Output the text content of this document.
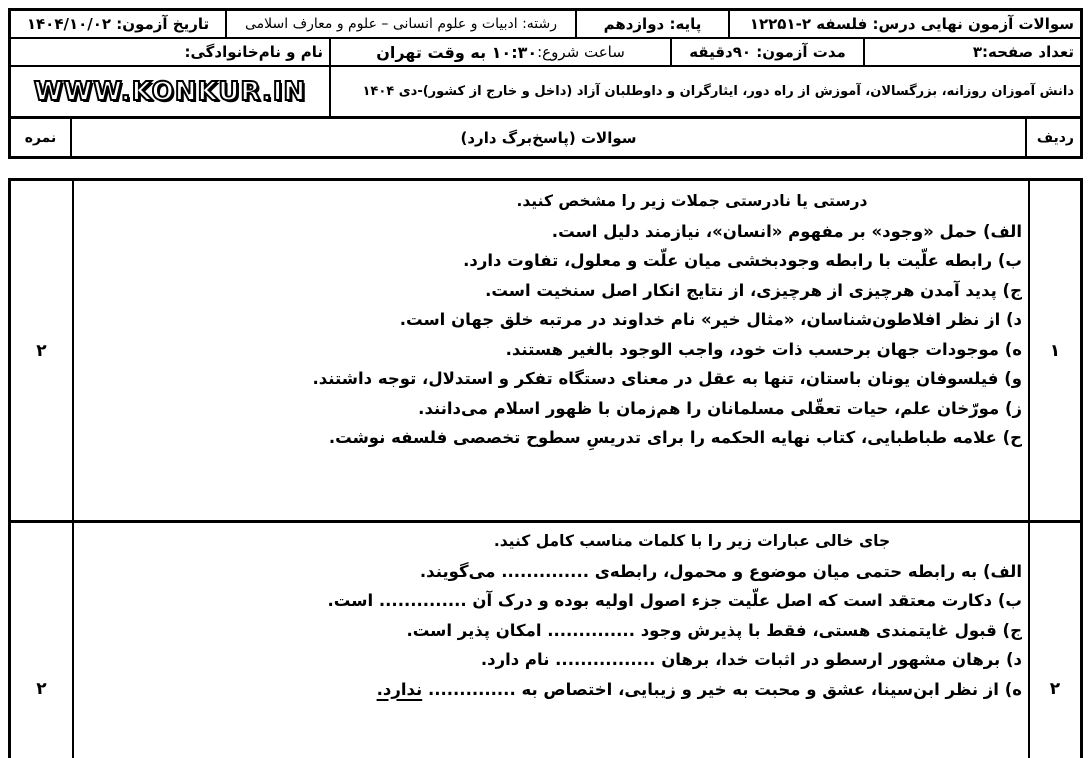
سوالات آزمون نهایی درس: فلسفه ۲-۱۲۲۵۱
پایه: دوازدهم
رشته: ادبیات و علوم انسانی – علوم و معارف اسلامی
تاریخ آزمون: ۱۴۰۴/۱۰/۰۲
تعداد صفحه:۳
مدت آزمون: ۹۰دقیقه
ساعت شروع:
۱۰:۳۰ به وقت تهران
نام و نام‌خانوادگی:
دانش آموزان روزانه، بزرگسالان، آموزش از راه دور، ایثارگران و داوطلبان آزاد (داخل و خارج از کشور)-
دی ۱۴۰۴
WWW.KONKUR.IN
ردیف
سوالات (پاسخ‌برگ دارد)
نمره
۱
۲
درستی یا نادرستی جملات زیر را مشخص کنید.
الف) حمل «وجود» بر مفهوم «انسان»، نیازمند دلیل است.
ب) رابطه علّیت با رابطه وجودبخشی میان علّت و معلول، تفاوت دارد.
ج) پدید آمدن هرچیزی از هرچیزی، از نتایج انکار اصل سنخیت است.
د) از نظر افلاطون‌شناسان، «مثال خیر» نام خداوند در مرتبه خلق جهان است.
ه) موجودات جهان برحسب ذات خود، واجب الوجود بالغیر هستند.
و) فیلسوفان یونان باستان، تنها به عقل در معنای دستگاه تفکر و استدلال، توجه داشتند.
ز) مورّخان علم، حیات تعقّلی مسلمانان را هم‌زمان با ظهور اسلام می‌دانند.
ح) علامه طباطبایی، کتاب نهایه الحکمه را برای تدریسِ سطوح تخصصی فلسفه نوشت.
۲
۲
جای خالی عبارات زیر را با کلمات مناسب کامل کنید.
الف) به رابطه حتمی میان موضوع و محمول، رابطه‌ی .............. می‌گویند.
ب) دکارت معتقد است که اصل علّیت جزء اصول اولیه بوده و درک آن .............. است.
ج) قبول غایتمندی هستی، فقط با پذیرش وجود .............. امکان پذیر است.
د) برهان مشهور ارسطو در اثبات خدا، برهان ................ نام دارد.
ه) از نظر ابن‌سینا، عشق و محبت به خیر و زیبایی، اختصاص به .............. ندارد.
